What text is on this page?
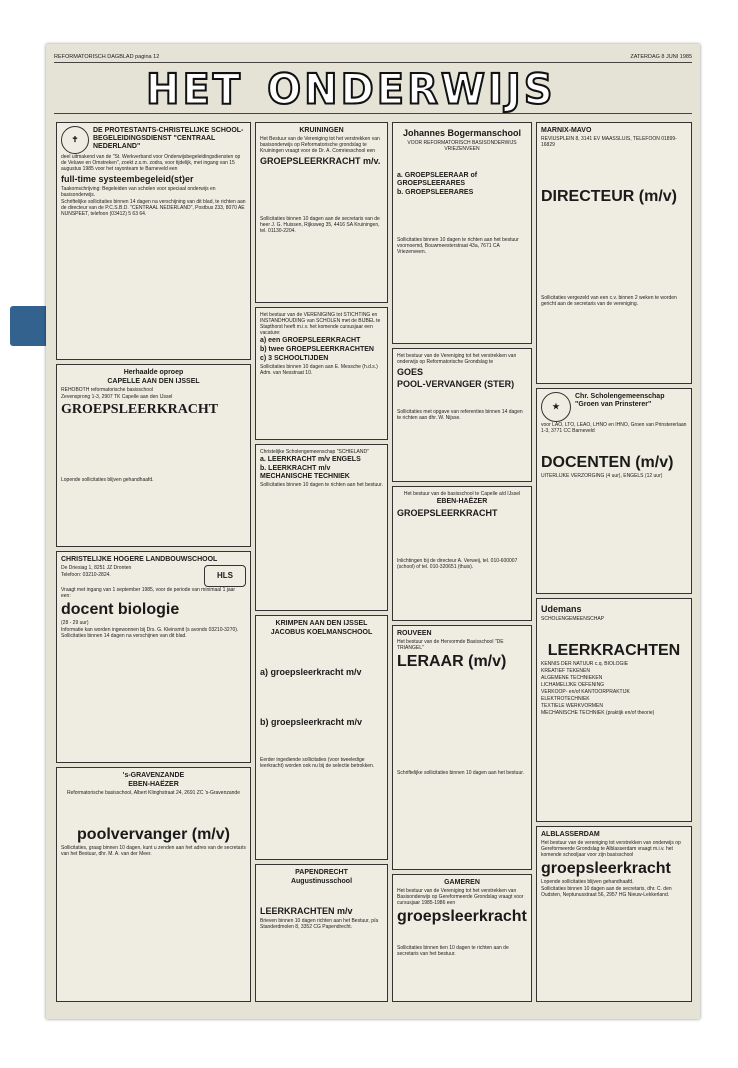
REFORMATORISCH DAGBLAD pagina 12	ZATERDAG 8 JUNI 1985
HET ONDERWIJS
✝
DE PROTESTANTS-CHRISTELIJKE SCHOOL-BEGELEIDINGSDIENST "CENTRAAL NEDERLAND"
deel uitmakend van de "St. Werkverband voor Onderwijsbegeleidingsdiensten op de Veluwe en Omstreken", zoekt z.s.m. zodra, voor tijdelijk, met ingang van 15 augustus 1985 voor het rayonteam te Barneveld een
full-time systeembegeleid(st)er
Taakomschrijving: Begeleiden van scholen voor speciaal onderwijs en basisonderwijs.
Schriftelijke sollicitaties binnen 14 dagen na verschijning van dit blad, te richten aan de directeur van de P.C.S.B.D. "CENTRAAL NEDERLAND", Postbus 233, 8070 AE NUNSPEET, telefoon (03412) 5 63 64.
Herhaalde oproep
CAPELLE AAN DEN IJSSEL
REHOBOTH reformatorische basisschool
Zevensprong 1-3, 2907 TK Capelle aan den IJssel
GROEPSLEERKRACHT
Lopende sollicitaties blijven gehandhaafd.
CHRISTELIJKE HOGERE LANDBOUWSCHOOL
HLS
De Driesiag 1, 8251 JZ Dronten
Telefoon: 03210-2824.
Vraagt met ingang van 1 september 1985, voor de periode van minimaal 1 jaar een:
docent biologie
(28 - 29 uur)
Informatie kan worden ingewonnen bij Drs. G. Kleinsmit (s avonds 03210-3270). Sollicitaties binnen 14 dagen na verschijnen van dit blad.
's-GRAVENZANDE
EBEN-HAËZER
Reformatorische basisschool, Albert Klinghstraat 24, 2691 ZC 's-Gravenzande
poolvervanger (m/v)
Sollicitaties, graag binnen 10 dagen, kunt u zenden aan het adres van de secretaris van het Bestuur, dhr. M. A. van der Meer.
KRUININGEN
Het Bestuur van de Vereniging tot het verstrekken van basisonderwijs op Reformatorische grondslag te Kruiningen vraagt voor de Dr. A. Comriesschool een
GROEPSLEERKRACHT m/v.
Sollicitaties binnen 10 dagen aan de secretaris van de heer J. G. Huissen, Rijksweg 35, 4416 SA Kruiningen, tel. 01130-2204.
Het bestuur van de VERENIGING tot STICHTING en INSTANDHOUDING van SCHOLEN met de BIJBEL te Stapthorst heeft m.i.v. het komende cursusjaar een vacature:
a) een GROEPSLEERKRACHT
b) twee GROEPSLEERKRACHTEN
c) 3 SCHOOLTIJDEN
Sollicitaties binnen 10 dagen aan E. Messche (h.d.s.) Adm. van Nesstraat 10.
Christelijke Scholengemeenschap "SCHIELAND"
a. LEERKRACHT m/v ENGELS
b. LEERKRACHT m/v MECHANISCHE TECHNIEK
Sollicitaties binnen 10 dagen te richten aan het bestuur.
KRIMPEN AAN DEN IJSSEL
JACOBUS KOELMANSCHOOL
a) groepsleerkracht m/v
b) groepsleerkracht m/v
Eerder ingediende sollicitaties (voor tweeledige leerkracht) worden ook nu bij de selectie betrokken.
PAPENDRECHT
Augustinusschool
LEERKRACHTEN m/v
Brieven binnen 10 dagen richten aan het Bestuur, p/a Standerdmolen 8, 3352 CG Papendrecht.
Johannes Bogermanschool
VOOR REFORMATORISCH BASISONDERWIJS VRIEZENVEEN
a. GROEPSLEERAAR of GROEPSLEERARES
b. GROEPSLEERARES
Sollicitaties binnen 10 dagen te richten aan het bestuur voornoemd, Bouwmeesterstraat 43a, 7671 CA Vriezenveen.
Het bestuur van de Vereniging tot het verstrekken van onderwijs op Reformatorische Grondslag te
GOES
POOL-VERVANGER (STER)
Sollicitaties met opgave van referenties binnen 14 dagen te richten aan dhr. W. Nijsse.
Het bestuur van de basisschool te Capelle a/d IJssel
EBEN-HAËZER
GROEPSLEERKRACHT
Inlichtingen bij de directeur A. Verweij, tel. 010-600007 (school) of tel. 010-320651 (thuis).
ROUVEEN
Het bestuur van de Hervormde Basisschool "DE TRIANGEL"
LERAAR (m/v)
Schriftelijke sollicitaties binnen 10 dagen aan het bestuur.
GAMEREN
Het bestuur van de Vereniging tot het verstrekken van Basisonderwijs op Gereformeerde Grondslag vraagt voor cursusjaar 1985-1986 een
groepsleerkracht
Sollicitaties binnen tien 10 dagen te richten aan de secretaris van het bestuur.
MARNIX-MAVO
REVIUSPLEIN 8, 3141 EV MAASSLUIS, TELEFOON 01899-16829
DIRECTEUR (m/v)
Sollicitaties vergezeld van een c.v. binnen 2 weken te worden gericht aan de secretaris van de vereniging.
★
Chr. Scholengemeenschap "Groen van Prinsterer"
voor LAO, LTO, LEAO, LHNO en IHNO, Groen van Prinstererlaan 1-3, 3771 CC Barneveld
DOCENTEN (m/v)
UITERLIJKE VERZORGING (4 uur), ENGELS (12 uur)
Udemans
SCHOLENGEMEENSCHAP
LEERKRACHTEN
KENNIS DER NATUUR c.q. BIOLOGIE
KREATIEF TEKENEN
ALGEMENE TECHNIEKEN
LICHAMELIJKE OEFENING
VERKOOP- en/of KANTOORPRAKTIJK
ELEKTROTECHNIEK
TEXTIELE WERKVORMEN
MECHANISCHE TECHNIEK (praktijk en/of theorie)
ALBLASSERDAM
Het bestuur van de vereniging tot verstrekken van onderwijs op Gereformeerde Grondslag te Alblasserdam vraagt m.i.v. het komende schooljaar voor zijn basisschool
groepsleerkracht
Lopende sollicitaties blijven gehandhaafd.
Sollicitaties binnen 10 dagen aan de secretaris, dhr. C. den Oudsten, Neptunusstraat 56, 2957 HG Nieuw-Lekkerland.
